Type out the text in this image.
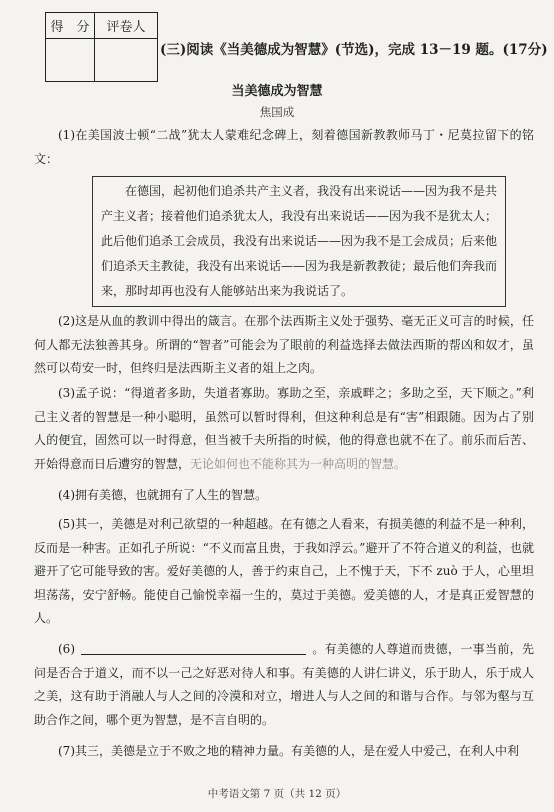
得　分	评卷人

(三)阅读《当美德成为智慧》(节选)，完成 13－19 题。(17分)
当美德成为智慧
焦国成
(1)在美国波士顿“二战”犹太人蒙难纪念碑上，刻着德国新教教师马丁・尼莫拉留下的铭文：
在德国，起初他们追杀共产主义者，我没有出来说话——因为我不是共产主义者；接着他们追杀犹太人，我没有出来说话——因为我不是犹太人；此后他们追杀工会成员，我没有出来说话——因为我不是工会成员；后来他们追杀天主教徒，我没有出来说话——因为我是新教教徒；最后他们奔我而来，那时却再也没有人能够站出来为我说话了。
(2)这是从血的教训中得出的箴言。在那个法西斯主义处于强势、毫无正义可言的时候，任何人都无法独善其身。所谓的“智者”可能会为了眼前的利益选择去做法西斯的帮凶和奴才，虽然可以苟安一时，但终归是法西斯主义者的俎上之肉。
(3)孟子说：“得道者多助，失道者寡助。寡助之至，亲戚畔之；多助之至，天下顺之。”利己主义者的智慧是一种小聪明，虽然可以暂时得利，但这种利总是有“害”相跟随。因为占了别人的便宜，固然可以一时得意，但当被千夫所指的时候，他的得意也就不在了。前乐而后苦、开始得意而日后遭穷的智慧，无论如何也不能称其为一种高明的智慧。
(4)拥有美德，也就拥有了人生的智慧。
(5)其一，美德是对利己欲望的一种超越。在有德之人看来，有损美德的利益不是一种利，反而是一种害。正如孔子所说：“不义而富且贵，于我如浮云。”避开了不符合道义的利益，也就避开了它可能导致的害。爱好美德的人，善于约束自己，上不愧于天，下不 zuò 于人，心里坦坦荡荡，安宁舒畅。能使自己愉悦幸福一生的，莫过于美德。爱美德的人，才是真正爱智慧的人。
(6)	。有美德的人尊道而贵德，一事当前，先问是否合于道义，而不以一己之好恶对待人和事。有美德的人讲仁讲义，乐于助人，乐于成人之美，这有助于消融人与人之间的冷漠和对立，增进人与人之间的和谐与合作。与邻为壑与互助合作之间，哪个更为智慧，是不言自明的。
(7)其三，美德是立于不败之地的精神力量。有美德的人，是在爱人中爱己，在利人中利
中考语文第 7 页（共 12 页）
